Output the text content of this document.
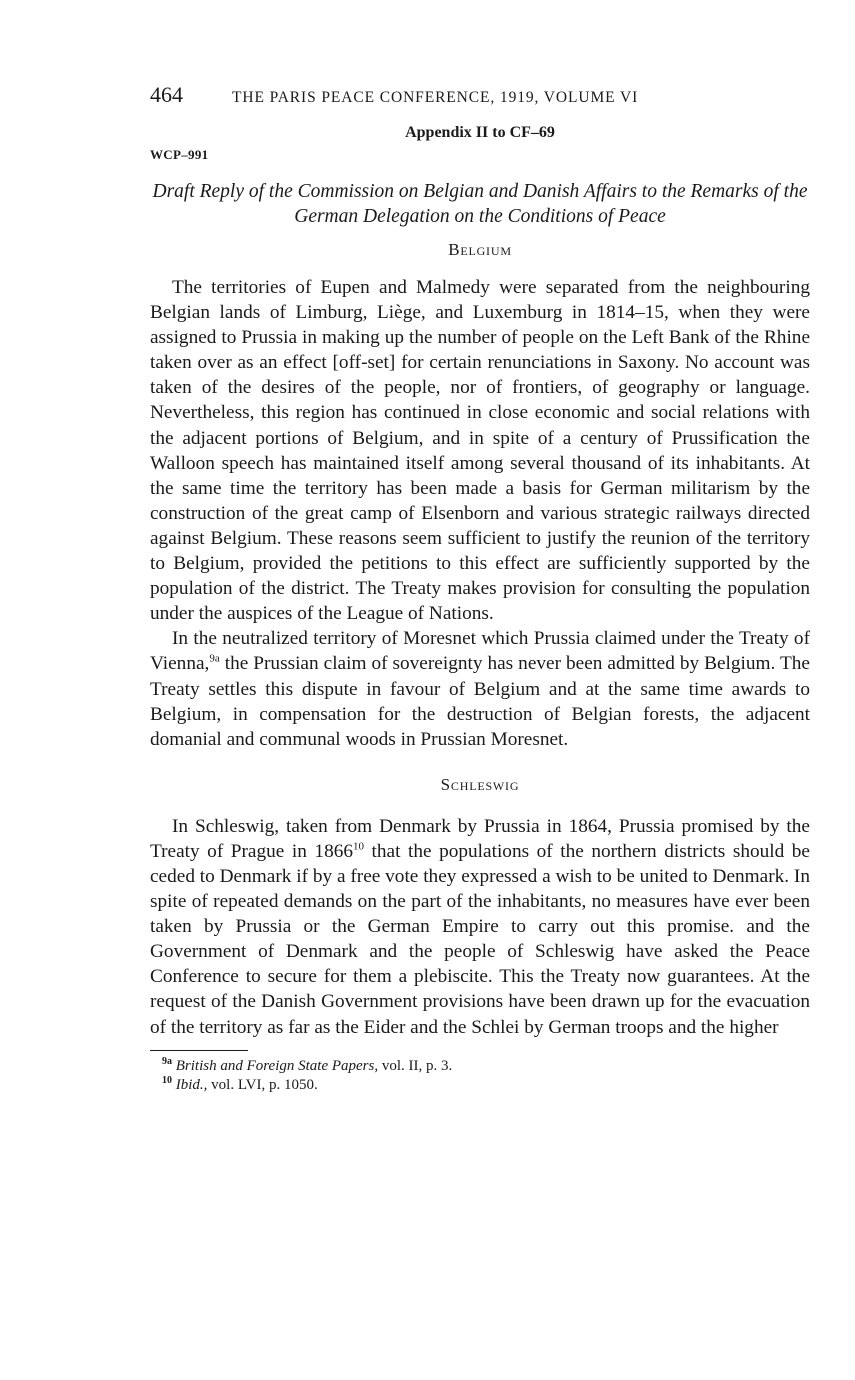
464	THE PARIS PEACE CONFERENCE, 1919, VOLUME VI
Appendix II to CF–69
WCP–991
Draft Reply of the Commission on Belgian and Danish Affairs to the Remarks of the German Delegation on the Conditions of Peace
Belgium

The territories of Eupen and Malmedy were separated from the neighbouring Belgian lands of Limburg, Liège, and Luxemburg in 1814–15, when they were assigned to Prussia in making up the number of people on the Left Bank of the Rhine taken over as an effect [off-set] for certain renunciations in Saxony. No account was taken of the desires of the people, nor of frontiers, of geography or language. Nevertheless, this region has continued in close economic and social relations with the adjacent portions of Belgium, and in spite of a century of Prussification the Walloon speech has maintained itself among several thousand of its inhabitants. At the same time the territory has been made a basis for German militarism by the construction of the great camp of Elsenborn and various strategic railways directed against Belgium. These reasons seem sufficient to justify the reunion of the territory to Belgium, provided the petitions to this effect are sufficiently supported by the population of the district. The Treaty makes provision for consulting the population under the auspices of the League of Nations.

In the neutralized territory of Moresnet which Prussia claimed under the Treaty of Vienna,$^{9a}$ the Prussian claim of sovereignty has never been admitted by Belgium. The Treaty settles this dispute in favour of Belgium and at the same time awards to Belgium, in compensation for the destruction of Belgian forests, the adjacent domanial and communal woods in Prussian Moresnet.

Schleswig

In Schleswig, taken from Denmark by Prussia in 1864, Prussia promised by the Treaty of Prague in 1866$^{10}$ that the populations of the northern districts should be ceded to Denmark if by a free vote they expressed a wish to be united to Denmark. In spite of repeated demands on the part of the inhabitants, no measures have ever been taken by Prussia or the German Empire to carry out this promise. and the Government of Denmark and the people of Schleswig have asked the Peace Conference to secure for them a plebiscite. This the Treaty now guarantees. At the request of the Danish Government provisions have been drawn up for the evacuation of the territory as far as the Eider and the Schlei by German troops and the higher

$^{9a}$ British and Foreign State Papers, vol. II, p. 3.
$^{10}$ Ibid., vol. LVI, p. 1050.
